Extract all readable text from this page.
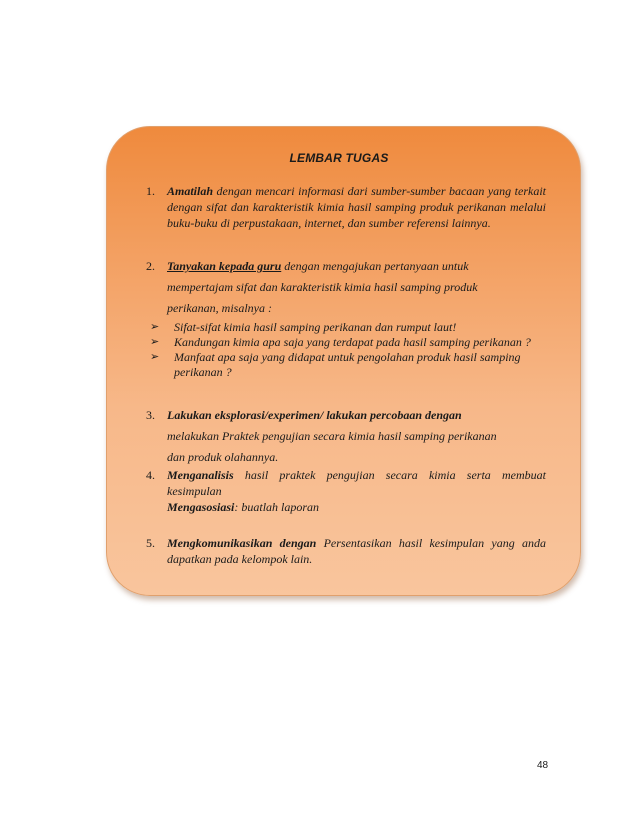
LEMBAR TUGAS
1. Amatilah dengan mencari informasi dari sumber-sumber bacaan yang terkait dengan sifat dan karakteristik kimia hasil samping produk perikanan melalui buku-buku di perpustakaan, internet, dan sumber referensi lainnya.
2. Tanyakan kepada guru dengan mengajukan pertanyaan untuk
mempertajam sifat dan karakteristik kimia hasil samping produk
perikanan, misalnya :
➢ Sifat-sifat kimia hasil samping perikanan dan rumput laut!
➢ Kandungan kimia apa saja yang terdapat pada hasil samping perikanan ?
➢ Manfaat apa saja yang didapat untuk pengolahan produk hasil samping perikanan ?
3. Lakukan eksplorasi/experimen/ lakukan percobaan dengan
melakukan Praktek pengujian secara kimia hasil samping perikanan
dan produk olahannya.
4. Menganalisis hasil praktek pengujian secara kimia serta membuat kesimpulan
Mengasosiasi: buatlah laporan
5. Mengkomunikasikan dengan Persentasikan hasil kesimpulan yang anda dapatkan pada kelompok lain.
48
